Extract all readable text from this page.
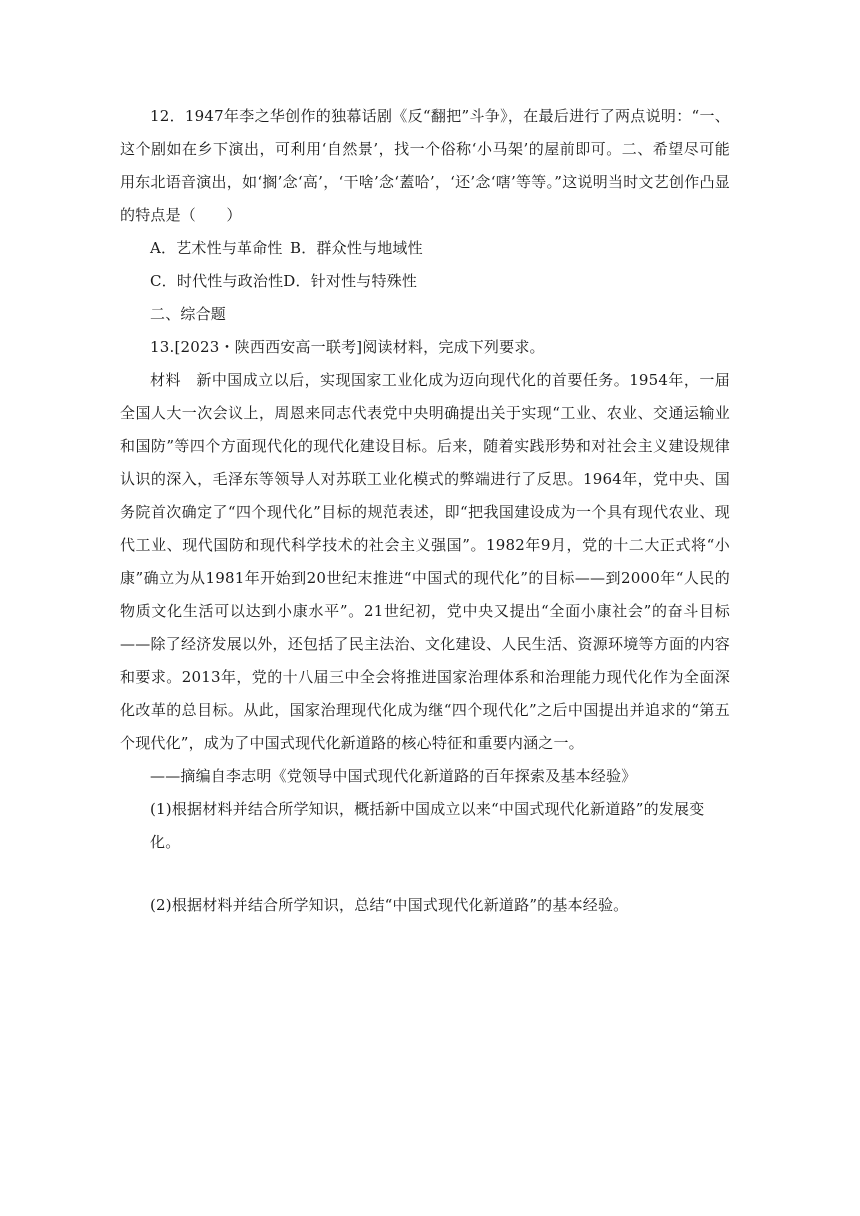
12．1947年李之华创作的独幕话剧《反“翻把”斗争》，在最后进行了两点说明：“一、这个剧如在乡下演出，可利用‘自然景’，找一个俗称‘小马架’的屋前即可。二、希望尽可能用东北语音演出，如‘搁’念‘高’，‘干啥’念‘蓋哈’，‘还’念‘嗐’等等。”这说明当时文艺创作凸显的特点是（　　）

A．艺术性与革命性 B．群众性与地域性

C．时代性与政治性D．针对性与特殊性

二、综合题

13.[2023・陕西西安高一联考]阅读材料，完成下列要求。

材料　新中国成立以后，实现国家工业化成为迈向现代化的首要任务。1954年，一届全国人大一次会议上，周恩来同志代表党中央明确提出关于实现“工业、农业、交通运输业和国防”等四个方面现代化的现代化建设目标。后来，随着实践形势和对社会主义建设规律认识的深入，毛泽东等领导人对苏联工业化模式的弊端进行了反思。1964年，党中央、国务院首次确定了“四个现代化”目标的规范表述，即“把我国建设成为一个具有现代农业、现代工业、现代国防和现代科学技术的社会主义强国”。1982年9月，党的十二大正式将“小康”确立为从1981年开始到20世纪末推进“中国式的现代化”的目标——到2000年“人民的物质文化生活可以达到小康水平”。21世纪初，党中央又提出“全面小康社会”的奋斗目标——除了经济发展以外，还包括了民主法治、文化建设、人民生活、资源环境等方面的内容和要求。2013年，党的十八届三中全会将推进国家治理体系和治理能力现代化作为全面深化改革的总目标。从此，国家治理现代化成为继“四个现代化”之后中国提出并追求的“第五个现代化”，成为了中国式现代化新道路的核心特征和重要内涵之一。

——摘编自李志明《党领导中国式现代化新道路的百年探索及基本经验》

(1)根据材料并结合所学知识，概括新中国成立以来“中国式现代化新道路”的发展变化。

(2)根据材料并结合所学知识，总结“中国式现代化新道路”的基本经验。
